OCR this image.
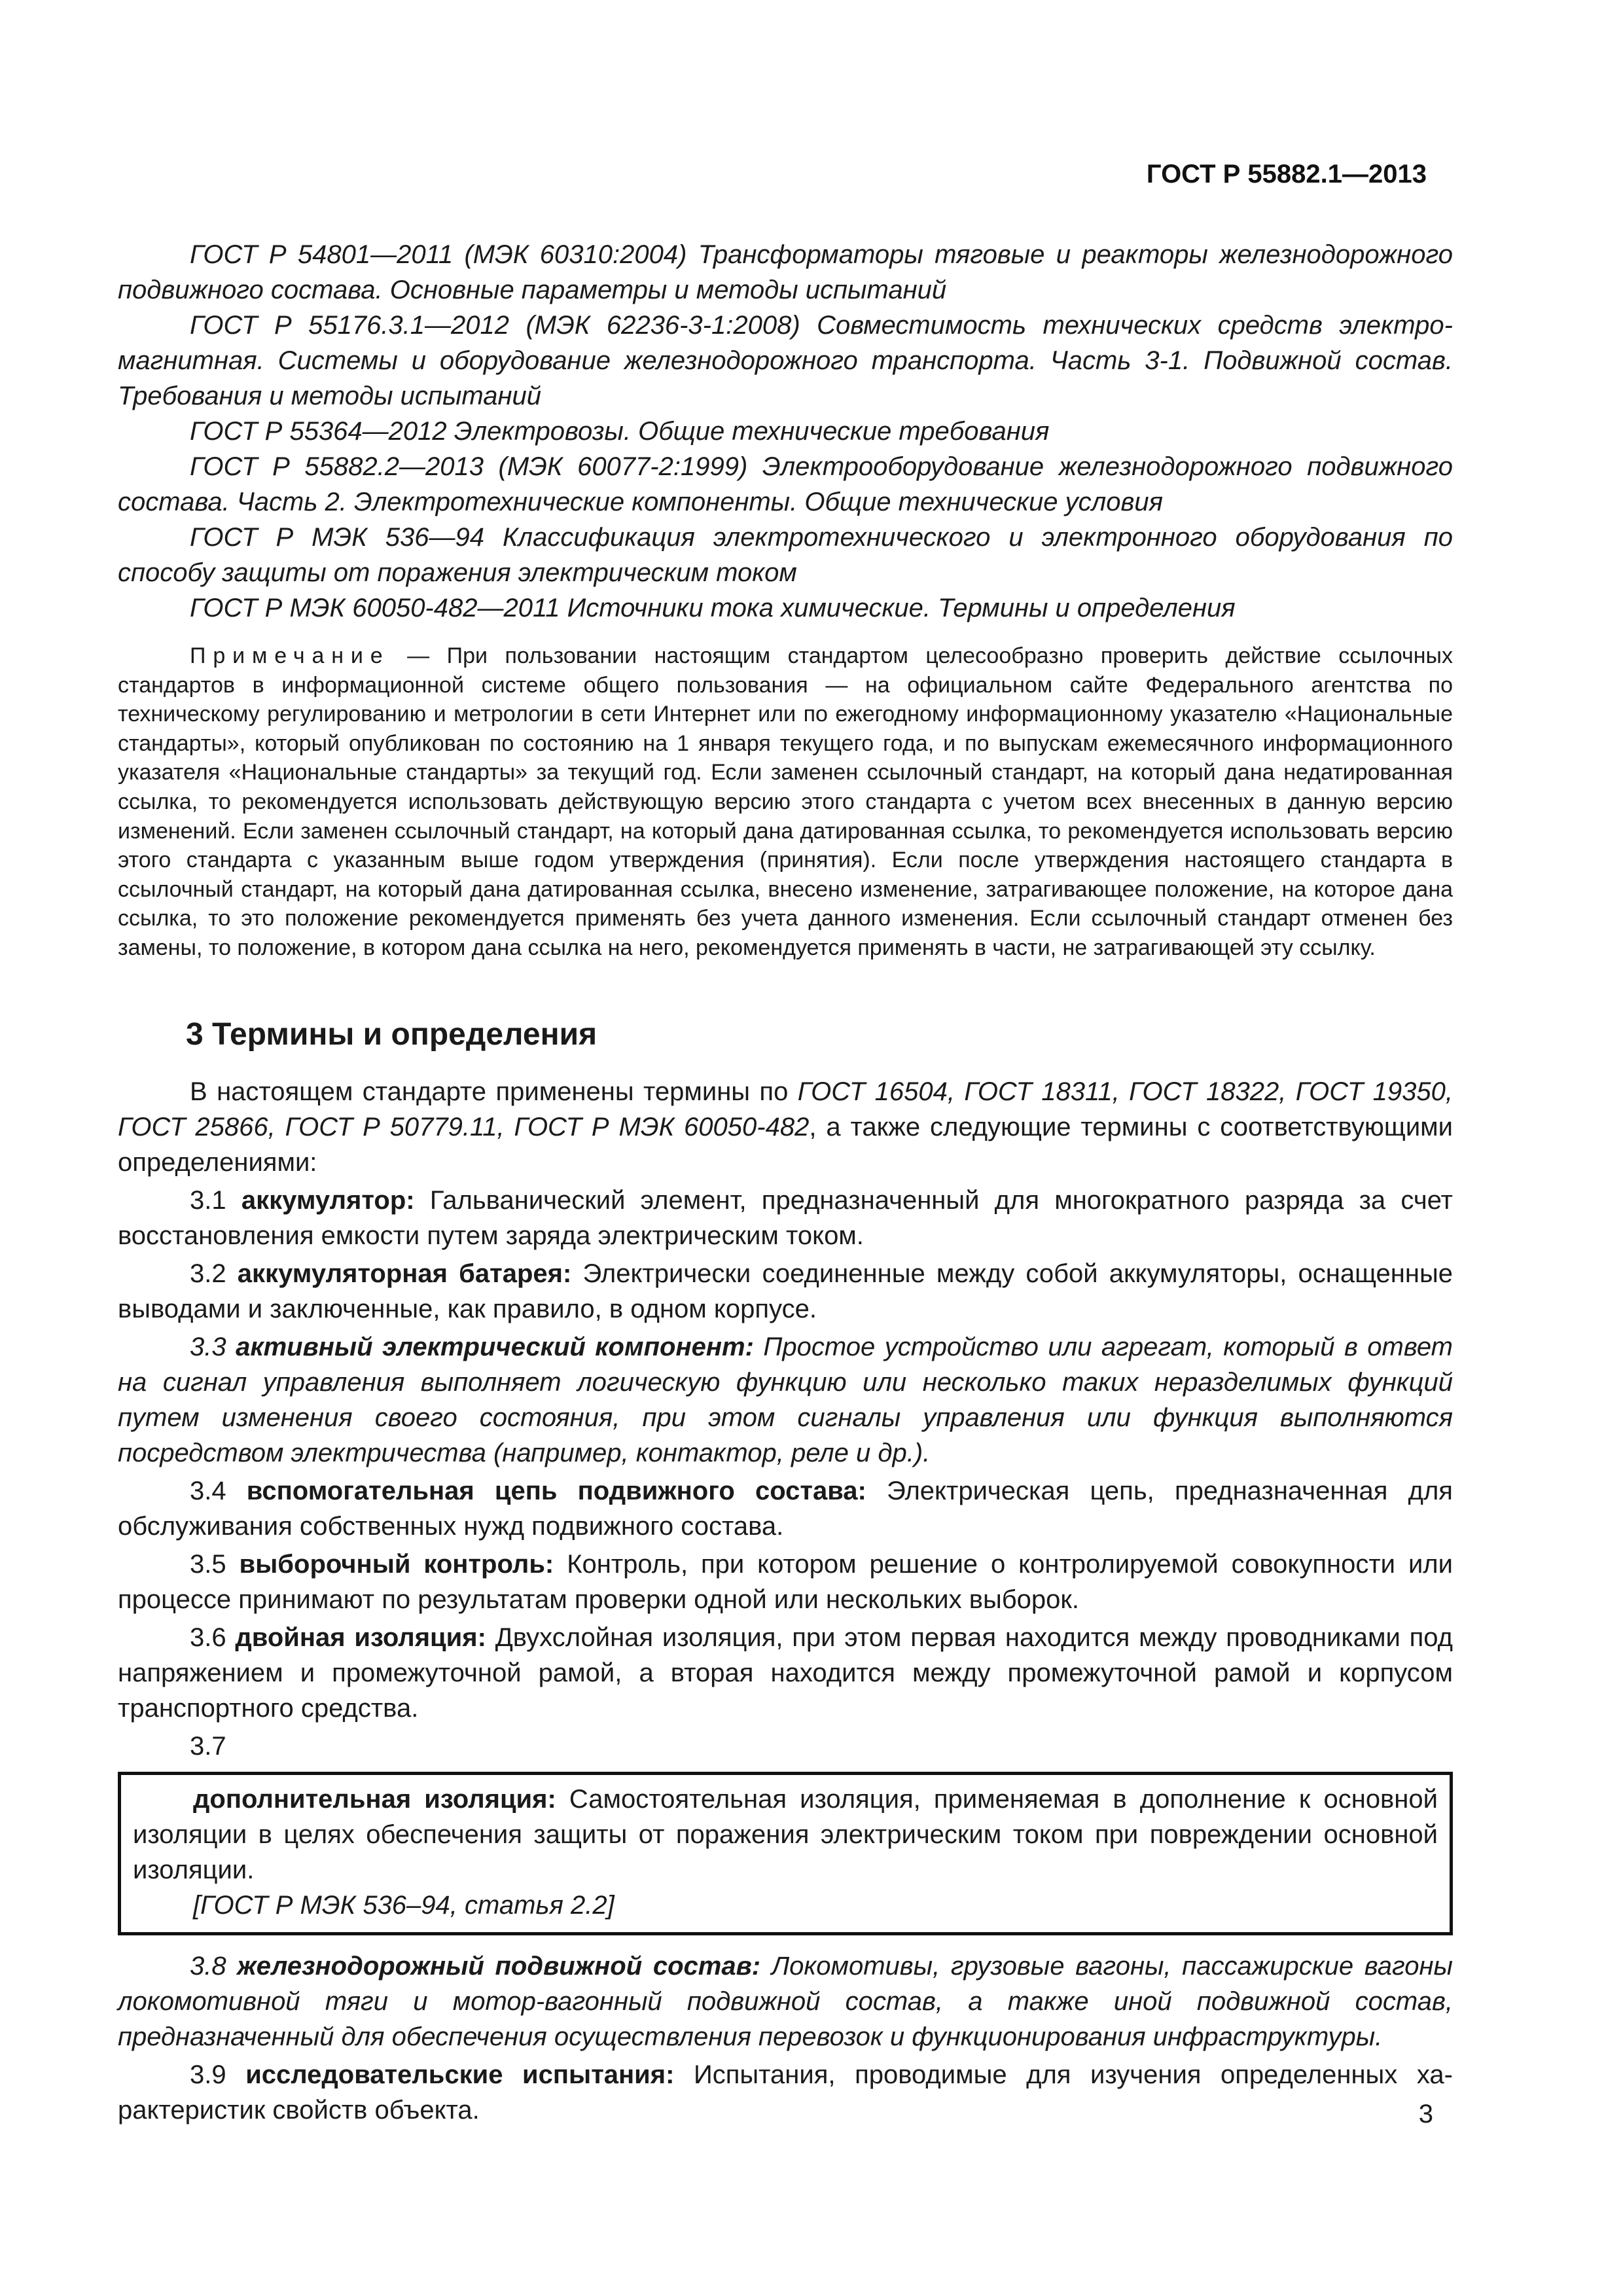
ГОСТ Р 55882.1—2013

ГОСТ Р 54801—2011 (МЭК 60310:2004) Трансформаторы тяговые и реакторы железнодорожного подвижного состава. Основные параметры и методы испытаний

ГОСТ Р 55176.3.1—2012 (МЭК 62236-3-1:2008) Совместимость технических средств электромагнитная. Системы и оборудование железнодорожного транспорта. Часть 3-1. Подвижной состав. Требования и методы испытаний

ГОСТ Р 55364—2012 Электровозы. Общие технические требования

ГОСТ Р 55882.2—2013 (МЭК 60077-2:1999) Электрооборудование железнодорожного подвижного состава. Часть 2. Электротехнические компоненты. Общие технические условия

ГОСТ Р МЭК 536—94 Классификация электротехнического и электронного оборудования по способу защиты от поражения электрическим током

ГОСТ Р МЭК 60050-482—2011 Источники тока химические. Термины и определения

Примечание — При пользовании настоящим стандартом целесообразно проверить действие ссылочных стандартов в информационной системе общего пользования — на официальном сайте Федерального агентства по техническому регулированию и метрологии в сети Интернет или по ежегодному информационному указателю «Национальные стандарты», который опубликован по состоянию на 1 января текущего года, и по выпускам ежемесячного информационного указателя «Национальные стандарты» за текущий год. Если заменен ссылочный стандарт, на который дана недатированная ссылка, то рекомендуется использовать действующую версию этого стандарта с учетом всех внесенных в данную версию изменений. Если заменен ссылочный стандарт, на который дана датированная ссылка, то рекомендуется использовать версию этого стандарта с указанным выше годом утверждения (принятия). Если после утверждения настоящего стандарта в ссылочный стандарт, на который дана датированная ссылка, внесено изменение, затрагивающее положение, на которое дана ссылка, то это положение рекомендуется применять без учета данного изменения. Если ссылочный стандарт отменен без замены, то положение, в котором дана ссылка на него, рекомендуется применять в части, не затрагивающей эту ссылку.

3 Термины и определения

В настоящем стандарте применены термины по ГОСТ 16504, ГОСТ 18311, ГОСТ 18322, ГОСТ 19350, ГОСТ 25866, ГОСТ Р 50779.11, ГОСТ Р МЭК 60050-482, а также следующие термины с соответствующими определениями:

3.1 аккумулятор: Гальванический элемент, предназначенный для многократного разряда за счет восстановления емкости путем заряда электрическим током.

3.2 аккумуляторная батарея: Электрически соединенные между собой аккумуляторы, оснащенные выводами и заключенные, как правило, в одном корпусе.

3.3 активный электрический компонент: Простое устройство или агрегат, который в ответ на сигнал управления выполняет логическую функцию или несколько таких неразделимых функций путем изменения своего состояния, при этом сигналы управления или функция выполняются посредством электричества (например, контактор, реле и др.).

3.4 вспомогательная цепь подвижного состава: Электрическая цепь, предназначенная для обслуживания собственных нужд подвижного состава.

3.5 выборочный контроль: Контроль, при котором решение о контролируемой совокупности или процессе принимают по результатам проверки одной или нескольких выборок.

3.6 двойная изоляция: Двухслойная изоляция, при этом первая находится между проводниками под напряжением и промежуточной рамой, а вторая находится между промежуточной рамой и корпусом транспортного средства.

3.7

дополнительная изоляция: Самостоятельная изоляция, применяемая в дополнение к основной изоляции в целях обеспечения защиты от поражения электрическим током при повреждении основной изоляции.

[ГОСТ Р МЭК 536–94, статья 2.2]

3.8 железнодорожный подвижной состав: Локомотивы, грузовые вагоны, пассажирские вагоны локомотивной тяги и мотор-вагонный подвижной состав, а также иной подвижной состав, предназначенный для обеспечения осуществления перевозок и функционирования инфраструктуры.

3.9 исследовательские испытания: Испытания, проводимые для изучения определенных характеристик свойств объекта.	3
